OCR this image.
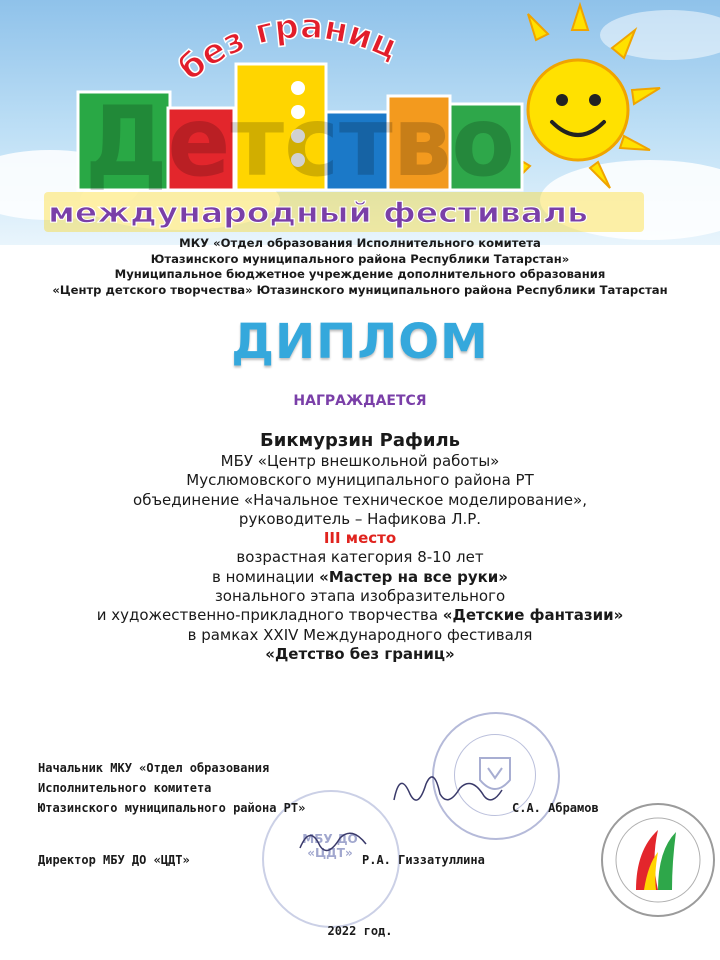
без границ
Детство
международный фестиваль
МКУ «Отдел образования Исполнительного комитета
Ютазинского муниципального района Республики Татарстан»
Муниципальное бюджетное учреждение дополнительного образования
«Центр детского творчества» Ютазинского муниципального района Республики Татарстан
ДИПЛОМ
НАГРАЖДАЕТСЯ
Бикмурзин Рафиль
МБУ «Центр внешкольной работы»
Муслюмовского муниципального района РТ
объединение «Начальное техническое моделирование»,
руководитель – Нафикова Л.Р.
III место
возрастная категория 8-10 лет
в номинации «Мастер на все руки»
зонального этапа изобразительного
и художественно-прикладного творчества «Детские фантазии»
в рамках XXIV Международного фестиваля
«Детство без границ»
МБУ ДО «ЦДТ»
Начальник МКУ «Отдел образования
Исполнительного комитета
Ютазинского муниципального района РТ»	С.А. Абрамов
Директор МБУ ДО «ЦДТ»	Р.А. Гиззатуллина
2022 год.
